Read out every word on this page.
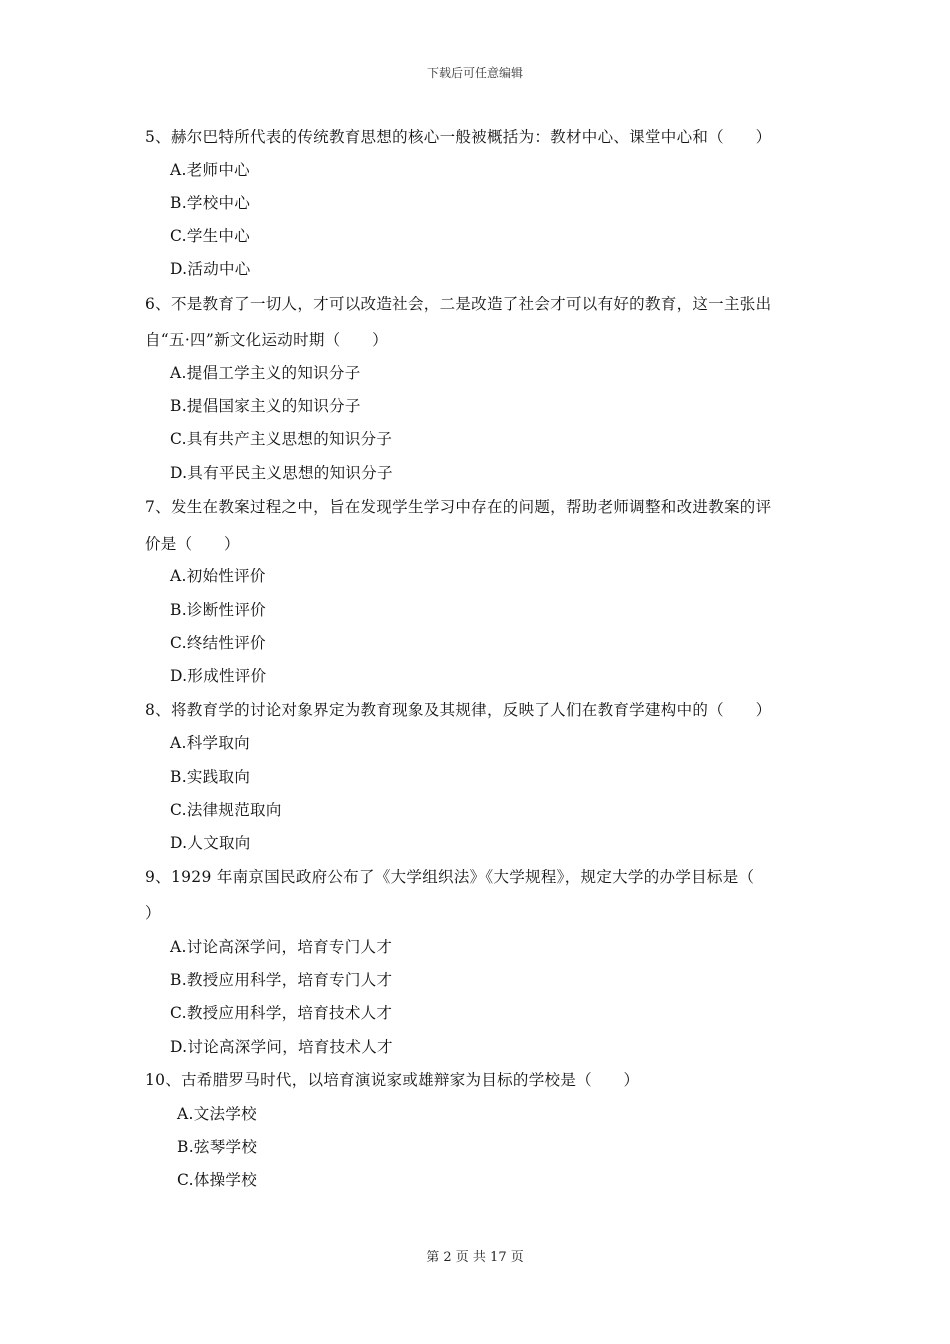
下载后可任意编辑
5、赫尔巴特所代表的传统教育思想的核心一般被概括为：教材中心、课堂中心和（　　）
A.老师中心
B.学校中心
C.学生中心
D.活动中心
6、不是教育了一切人，才可以改造社会，二是改造了社会才可以有好的教育，这一主张出
自“五·四”新文化运动时期（　　）
A.提倡工学主义的知识分子
B.提倡国家主义的知识分子
C.具有共产主义思想的知识分子
D.具有平民主义思想的知识分子
7、发生在教案过程之中，旨在发现学生学习中存在的问题，帮助老师调整和改进教案的评
价是（　　）
A.初始性评价
B.诊断性评价
C.终结性评价
D.形成性评价
8、将教育学的讨论对象界定为教育现象及其规律，反映了人们在教育学建构中的（　　）
A.科学取向
B.实践取向
C.法律规范取向
D.人文取向
9、1929 年南京国民政府公布了《大学组织法》《大学规程》，规定大学的办学目标是（
）
A.讨论高深学问，培育专门人才
B.教授应用科学，培育专门人才
C.教授应用科学，培育技术人才
D.讨论高深学问，培育技术人才
10、古希腊罗马时代，以培育演说家或雄辩家为目标的学校是（　　）
A.文法学校
B.弦琴学校
C.体操学校
第 2 页 共 17 页
